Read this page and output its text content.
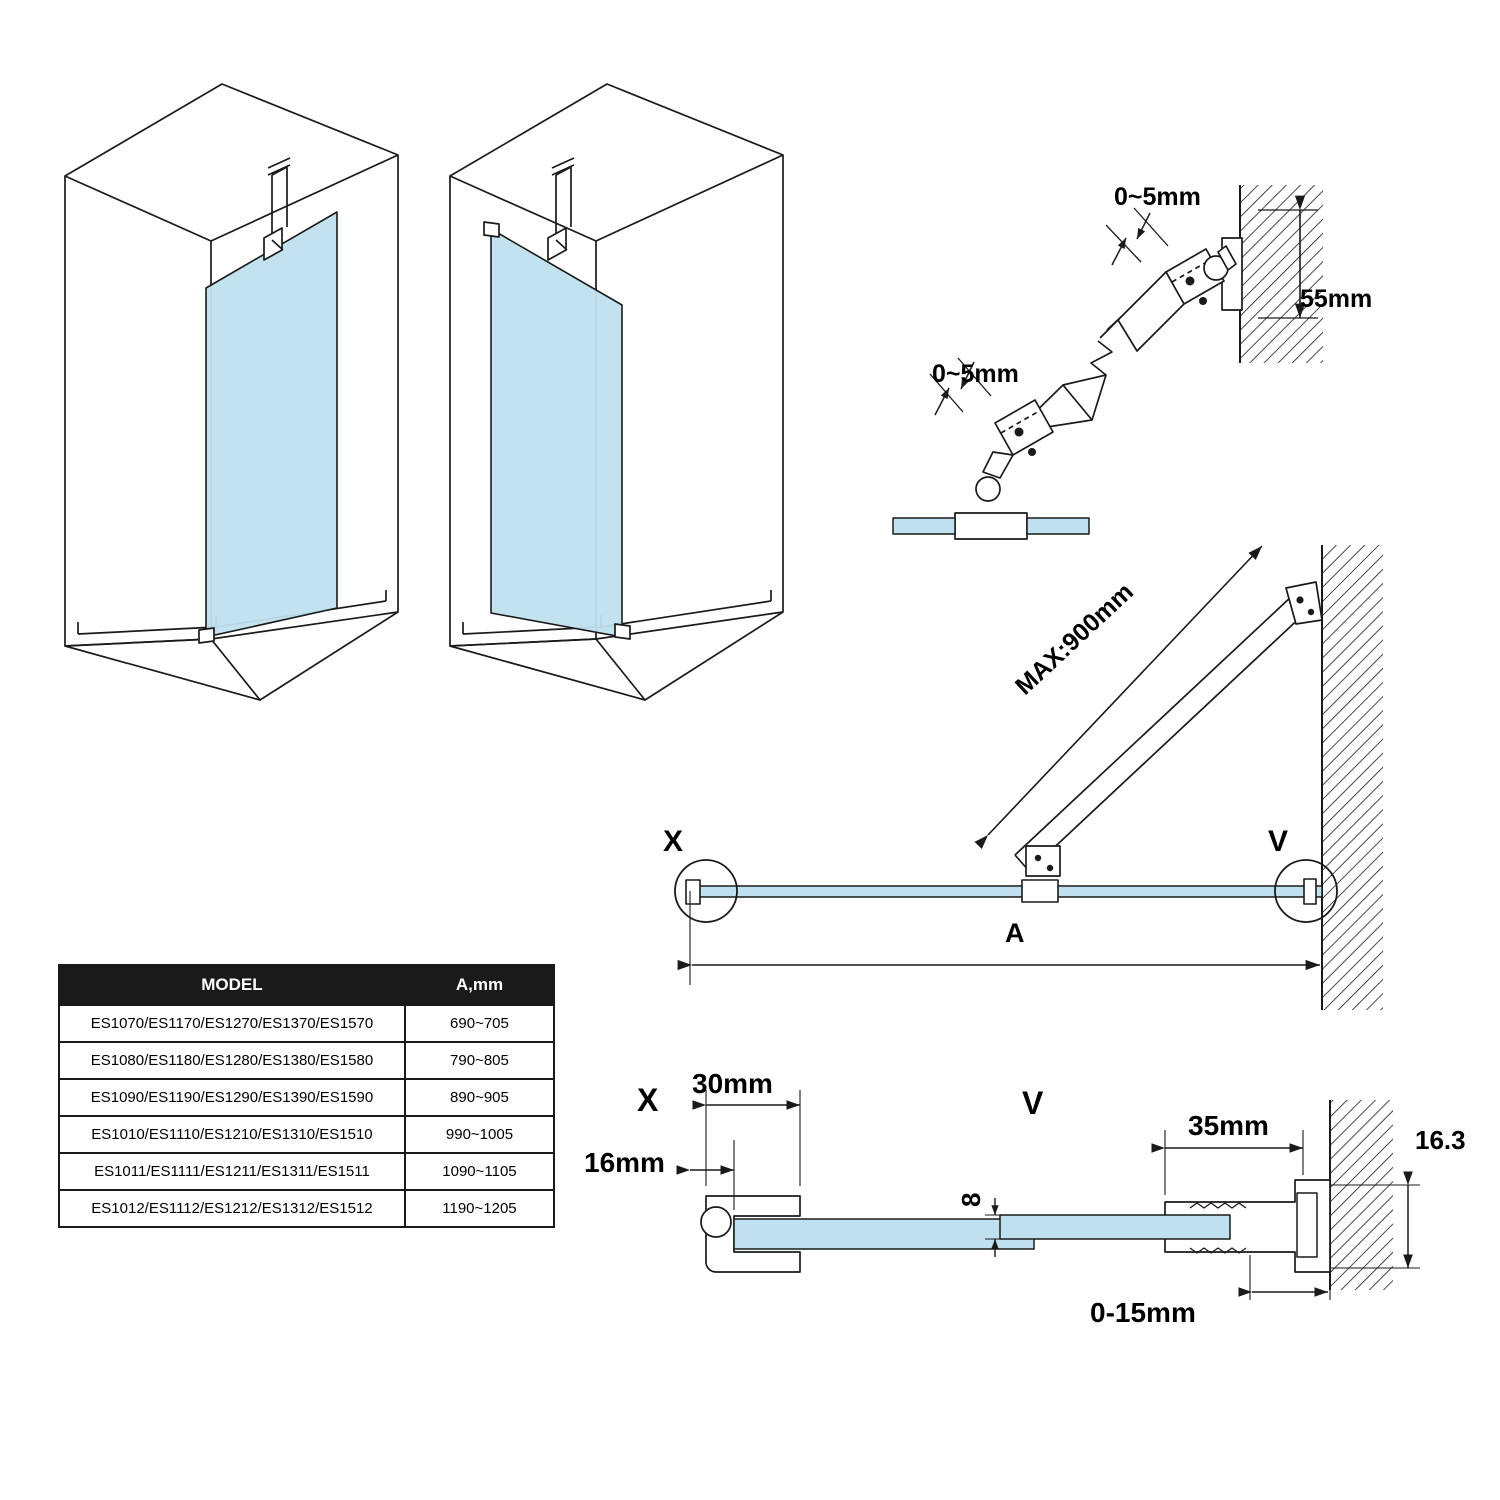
0~5mm
55mm
0~5mm
MAX:900mm
X	V
A
X 30mm
16mm
V
35mm	16.3
8
0-15mm
MODEL	A,mm
ES1070/ES1170/ES1270/ES1370/ES1570	690~705
ES1080/ES1180/ES1280/ES1380/ES1580	790~805
ES1090/ES1190/ES1290/ES1390/ES1590	890~905
ES1010/ES1110/ES1210/ES1310/ES1510	990~1005
ES1011/ES1111/ES1211/ES1311/ES1511	1090~1105
ES1012/ES1112/ES1212/ES1312/ES1512	1190~1205
